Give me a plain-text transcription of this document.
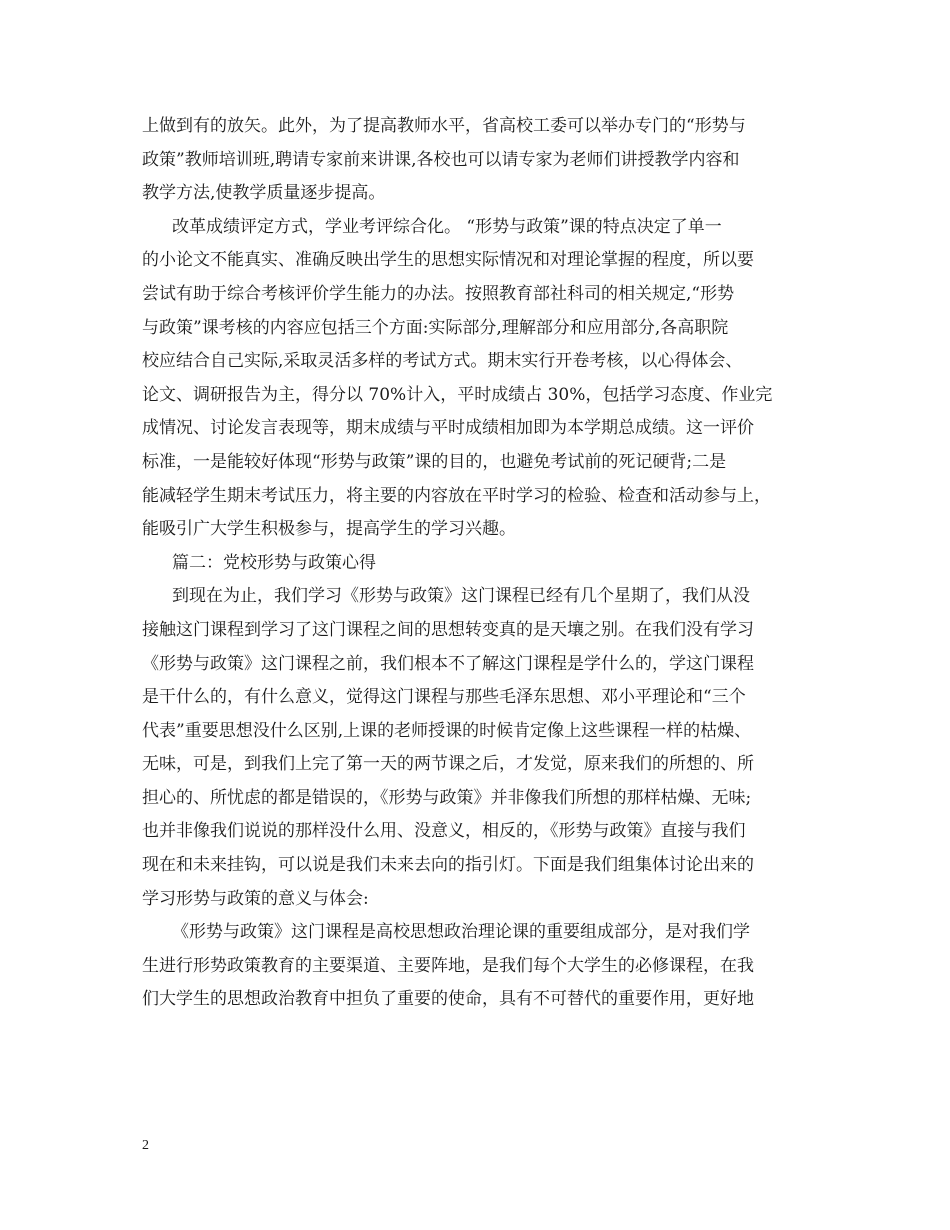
上做到有的放矢。此外，为了提高教师水平，省高校工委可以举办专门的“形势与
政策”教师培训班,聘请专家前来讲课,各校也可以请专家为老师们讲授教学内容和
教学方法,使教学质量逐步提高。
改革成绩评定方式，学业考评综合化。 “形势与政策”课的特点决定了单一
的小论文不能真实、准确反映出学生的思想实际情况和对理论掌握的程度，所以要
尝试有助于综合考核评价学生能力的办法。按照教育部社科司的相关规定,“形势
与政策”课考核的内容应包括三个方面:实际部分,理解部分和应用部分,各高职院
校应结合自己实际,采取灵活多样的考试方式。期末实行开卷考核，以心得体会、
论文、调研报告为主，得分以 70%计入，平时成绩占 30%，包括学习态度、作业完
成情况、讨论发言表现等，期末成绩与平时成绩相加即为本学期总成绩。这一评价
标准，一是能较好体现“形势与政策”课的目的，也避免考试前的死记硬背;二是
能减轻学生期末考试压力，将主要的内容放在平时学习的检验、检查和活动参与上，
能吸引广大学生积极参与，提高学生的学习兴趣。
篇二：党校形势与政策心得
到现在为止，我们学习《形势与政策》这门课程已经有几个星期了，我们从没
接触这门课程到学习了这门课程之间的思想转变真的是天壤之别。在我们没有学习
《形势与政策》这门课程之前，我们根本不了解这门课程是学什么的，学这门课程
是干什么的，有什么意义，觉得这门课程与那些毛泽东思想、邓小平理论和“三个
代表”重要思想没什么区别,上课的老师授课的时候肯定像上这些课程一样的枯燥、
无味，可是，到我们上完了第一天的两节课之后，才发觉，原来我们的所想的、所
担心的、所忧虑的都是错误的，《形势与政策》并非像我们所想的那样枯燥、无味;
也并非像我们说说的那样没什么用、没意义，相反的，《形势与政策》直接与我们
现在和未来挂钩，可以说是我们未来去向的指引灯。下面是我们组集体讨论出来的
学习形势与政策的意义与体会:
《形势与政策》这门课程是高校思想政治理论课的重要组成部分，是对我们学
生进行形势政策教育的主要渠道、主要阵地，是我们每个大学生的必修课程，在我
们大学生的思想政治教育中担负了重要的使命，具有不可替代的重要作用，更好地
2
